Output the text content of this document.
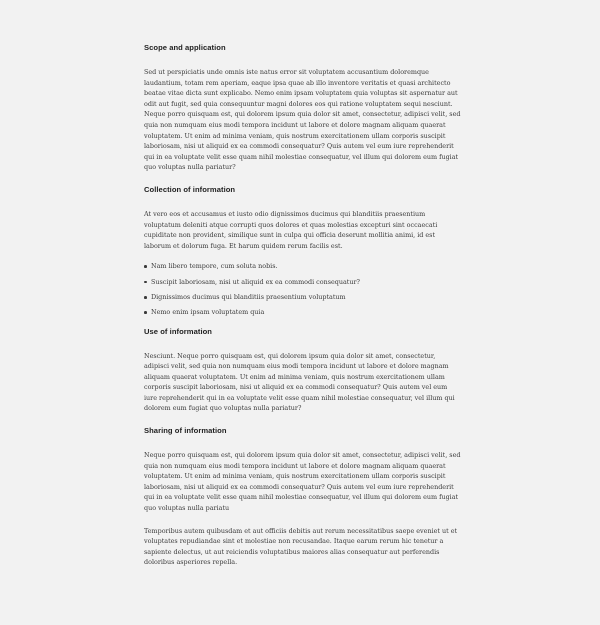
Scope and application

Sed ut perspiciatis unde omnis iste natus error sit voluptatem accusantium doloremque laudantium, totam rem aperiam, eaque ipsa quae ab illo inventore veritatis et quasi architecto beatae vitae dicta sunt explicabo. Nemo enim ipsam voluptatem quia voluptas sit aspernatur aut odit aut fugit, sed quia consequuntur magni dolores eos qui ratione voluptatem sequi nesciunt. Neque porro quisquam est, qui dolorem ipsum quia dolor sit amet, consectetur, adipisci velit, sed quia non numquam eius modi tempora incidunt ut labore et dolore magnam aliquam quaerat voluptatem. Ut enim ad minima veniam, quis nostrum exercitationem ullam corporis suscipit laboriosam, nisi ut aliquid ex ea commodi consequatur? Quis autem vel eum iure reprehenderit qui in ea voluptate velit esse quam nihil molestiae consequatur, vel illum qui dolorem eum fugiat quo voluptas nulla pariatur?

Collection of information

At vero eos et accusamus et iusto odio dignissimos ducimus qui blanditiis praesentium voluptatum deleniti atque corrupti quos dolores et quas molestias excepturi sint occaecati cupiditate non provident, similique sunt in culpa qui officia deserunt mollitia animi, id est laborum et dolorum fuga. Et harum quidem rerum facilis est.

Nam libero tempore, cum soluta nobis.
Suscipit laboriosam, nisi ut aliquid ex ea commodi consequatur?
Dignissimos ducimus qui blanditiis praesentium voluptatum
Nemo enim ipsam voluptatem quia
Use of information

Nesciunt. Neque porro quisquam est, qui dolorem ipsum quia dolor sit amet, consectetur, adipisci velit, sed quia non numquam eius modi tempora incidunt ut labore et dolore magnam aliquam quaerat voluptatem. Ut enim ad minima veniam, quis nostrum exercitationem ullam corporis suscipit laboriosam, nisi ut aliquid ex ea commodi consequatur? Quis autem vel eum iure reprehenderit qui in ea voluptate velit esse quam nihil molestiae consequatur, vel illum qui dolorem eum fugiat quo voluptas nulla pariatur?

Sharing of information

Neque porro quisquam est, qui dolorem ipsum quia dolor sit amet, consectetur, adipisci velit, sed quia non numquam eius modi tempora incidunt ut labore et dolore magnam aliquam quaerat voluptatem. Ut enim ad minima veniam, quis nostrum exercitationem ullam corporis suscipit laboriosam, nisi ut aliquid ex ea commodi consequatur? Quis autem vel eum iure reprehenderit qui in ea voluptate velit esse quam nihil molestiae consequatur, vel illum qui dolorem eum fugiat quo voluptas nulla pariatu

Temporibus autem quibusdam et aut officiis debitis aut rerum necessitatibus saepe eveniet ut et voluptates repudiandae sint et molestiae non recusandae. Itaque earum rerum hic tenetur a sapiente delectus, ut aut reiciendis voluptatibus maiores alias consequatur aut perferendis doloribus asperiores repella.
